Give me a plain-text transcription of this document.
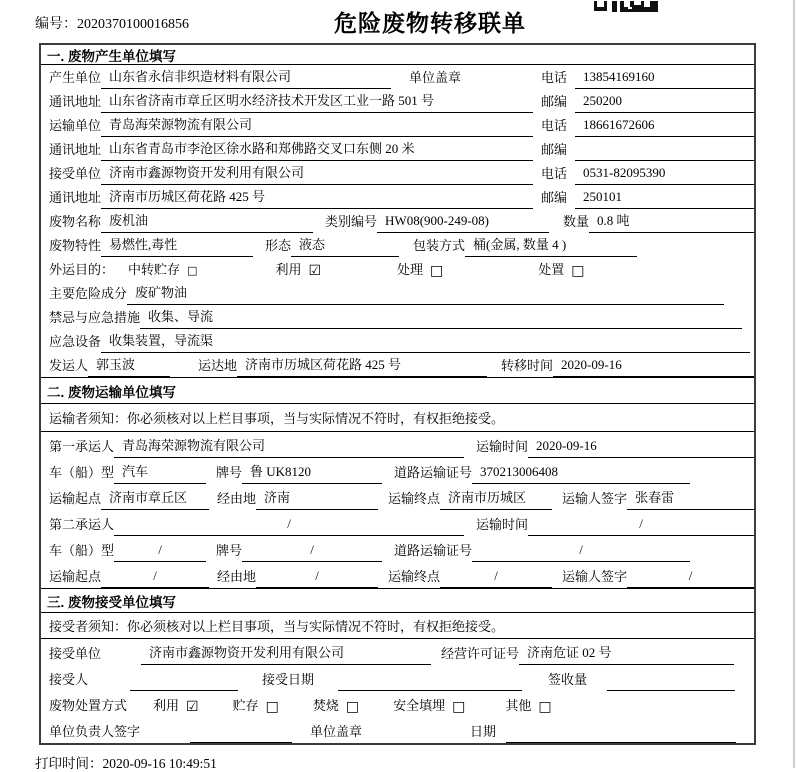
编号：2020370100016856	危险废物转移联单
一. 废物产生单位填写
产生单位 山东省永信非织造材料有限公司	单位盖章	电话	13854169160
通讯地址 山东省济南市章丘区明水经济技术开发区工业一路 501 号	邮编	250200
运输单位 青岛海荣源物流有限公司	电话	18661672606
通讯地址 山东省青岛市李沧区徐水路和郑佛路交叉口东侧 20 米	邮编
接受单位 济南市鑫源物资开发利用有限公司	电话	0531-82095390
通讯地址 济南市历城区荷花路 425 号	邮编	250101
废物名称 废机油	类别编号 HW08(900-249-08)	数量 0.8 吨
废物特性 易燃性,毒性	形态 液态	包装方式 桶(金属, 数量 4 )
外运目的： 中转贮存 □	利用 ☑	处理 □	处置 □
主要危险成分 废矿物油
禁忌与应急措施 收集、导流
应急设备 收集装置，导流渠
发运人 郭玉波	运达地 济南市历城区荷花路 425 号	转移时间 2020-09-16
二. 废物运输单位填写
运输者须知：你必须核对以上栏目事项，当与实际情况不符时，有权拒绝接受。
第一承运人 青岛海荣源物流有限公司	运输时间 2020-09-16
车（船）型 汽车	牌号 鲁 UK8120	道路运输证号 370213006408
运输起点 济南市章丘区	经由地 济南	运输终点 济南市历城区	运输人签字 张春雷
第二承运人	/	运输时间	/
车（船）型	/	牌号	/	道路运输证号	/
运输起点	/	经由地	/	运输终点	/	运输人签字	/
三. 废物接受单位填写
接受者须知：你必须核对以上栏目事项，当与实际情况不符时，有权拒绝接受。
接受单位	济南市鑫源物资开发利用有限公司	经营许可证号 济南危证 02 号
接受人	接受日期	签收量
废物处置方式 利用 ☑	贮存 □	焚烧 □	安全填埋 □	其他 □
单位负责人签字	单位盖章	日期
打印时间：2020-09-16 10:49:51
